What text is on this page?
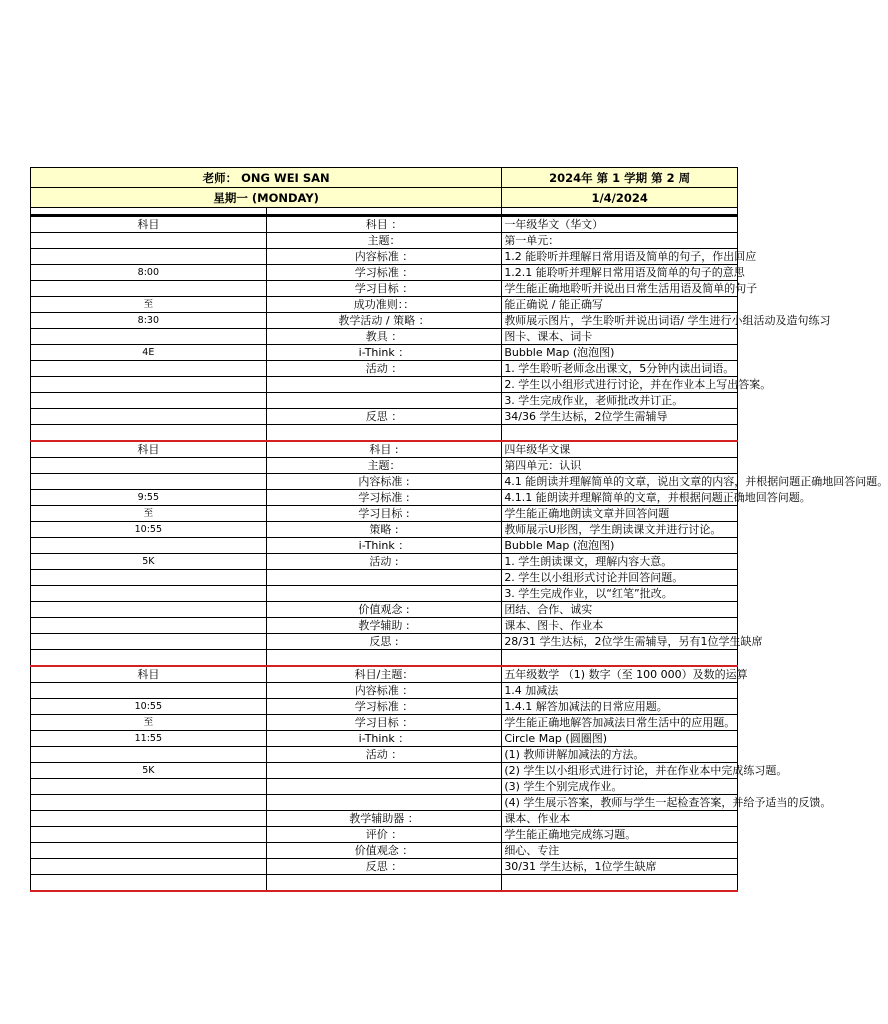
老师： ONG WEI SAN		2024年 第 1 学期 第 2 周
星期一 (MONDAY)		1/4/2024

科目	科目 ：	一年级华文（华文）
	主题：	第一单元：
	内容标准 ：	1.2 能聆听并理解日常用语及简单的句子，作出回应
8:00	学习标准 ：	1.2.1 能聆听并理解日常用语及简单的句子的意思
	学习目标 ：	学生能正确地聆听并说出日常生活用语及简单的句子
至	成功准则：：	能正确说 / 能正确写
8:30	教学活动 / 策略 ：	教师展示图片，学生聆听并说出词语/ 学生进行小组活动及造句练习
	教具 ：	图卡、课本、词卡
4E	i-Think ：	Bubble Map (泡泡图)
	活动 ：	1. 学生聆听老师念出课文，5分钟内读出词语。
		2. 学生以小组形式进行讨论，并在作业本上写出答案。
		3. 学生完成作业，老师批改并订正。
	反思 ：	34/36 学生达标，2位学生需辅导

科目	科目 :	四年级华文课
	主题：	第四单元：认识
	内容标准 :	4.1 能朗读并理解简单的文章，说出文章的内容，并根据问题正确地回答问题。
9:55	学习标准 :	4.1.1 能朗读并理解简单的文章，并根据问题正确地回答问题。
至	学习目标 :	学生能正确地朗读文章并回答问题
10:55	策略 :	教师展示U形图，学生朗读课文并进行讨论。
	i-Think ：	Bubble Map (泡泡图)
5K	活动 :	1. 学生朗读课文，理解内容大意。
		2. 学生以小组形式讨论并回答问题。
		3. 学生完成作业，以“红笔”批改。
	价值观念 :	团结、合作、诚实
	教学辅助 :	课本、图卡、作业本
	反思 :	28/31 学生达标，2位学生需辅导，另有1位学生缺席

科目	科目/主题：	五年级数学 （1) 数字（至 100 000）及数的运算
	内容标准 ：	1.4 加减法
10:55	学习标准 ：	1.4.1 解答加减法的日常应用题。
至	学习目标 ：	学生能正确地解答加减法日常生活中的应用题。
11:55	i-Think ：	Circle Map (圆圈图)
	活动 ：	(1) 教师讲解加减法的方法。
5K		(2) 学生以小组形式进行讨论，并在作业本中完成练习题。
		(3) 学生个别完成作业。
		(4) 学生展示答案，教师与学生一起检查答案，并给予适当的反馈。
	教学辅助器 ：	课本、作业本
	评价 ：	学生能正确地完成练习题。
	价值观念 ：	细心、专注
	反思 ：	30/31 学生达标，1位学生缺席
